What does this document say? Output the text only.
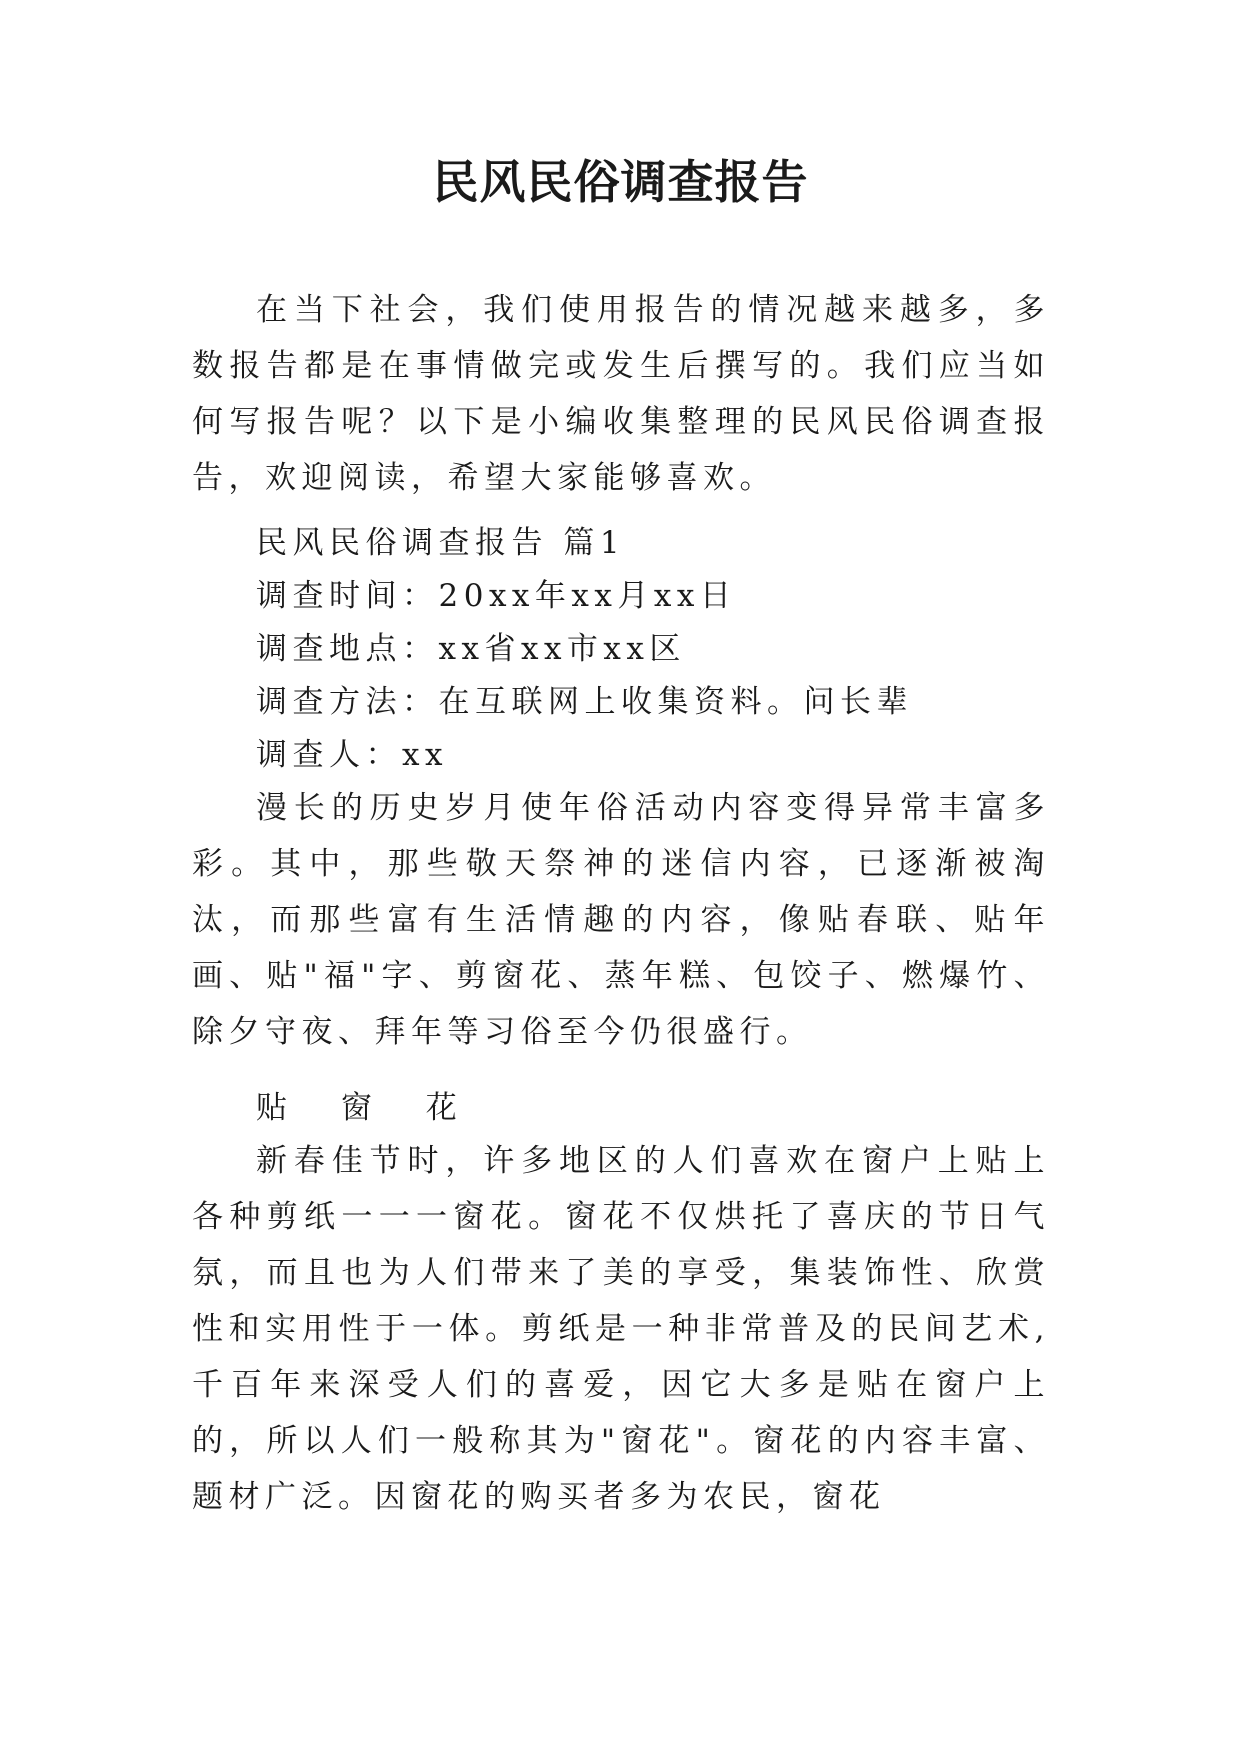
民风民俗调查报告

在当下社会，我们使用报告的情况越来越多，多数报告都是在事情做完或发生后撰写的。我们应当如何写报告呢？以下是小编收集整理的民风民俗调查报告，欢迎阅读，希望大家能够喜欢。

民风民俗调查报告 篇1

调查时间：20xx年xx月xx日

调查地点：xx省xx市xx区

调查方法：在互联网上收集资料。问长辈

调查人：xx

漫长的历史岁月使年俗活动内容变得异常丰富多彩。其中，那些敬天祭神的迷信内容，已逐渐被淘汰，而那些富有生活情趣的内容，像贴春联、贴年画、贴"福"字、剪窗花、蒸年糕、包饺子、燃爆竹、除夕守夜、拜年等习俗至今仍很盛行。

贴 窗 花

新春佳节时，许多地区的人们喜欢在窗户上贴上各种剪纸一一一窗花。窗花不仅烘托了喜庆的节日气氛，而且也为人们带来了美的享受，集装饰性、欣赏性和实用性于一体。剪纸是一种非常普及的民间艺术,千百年来深受人们的喜爱，因它大多是贴在窗户上的，所以人们一般称其为"窗花"。窗花的内容丰富、题材广泛。因窗花的购买者多为农民，窗花
